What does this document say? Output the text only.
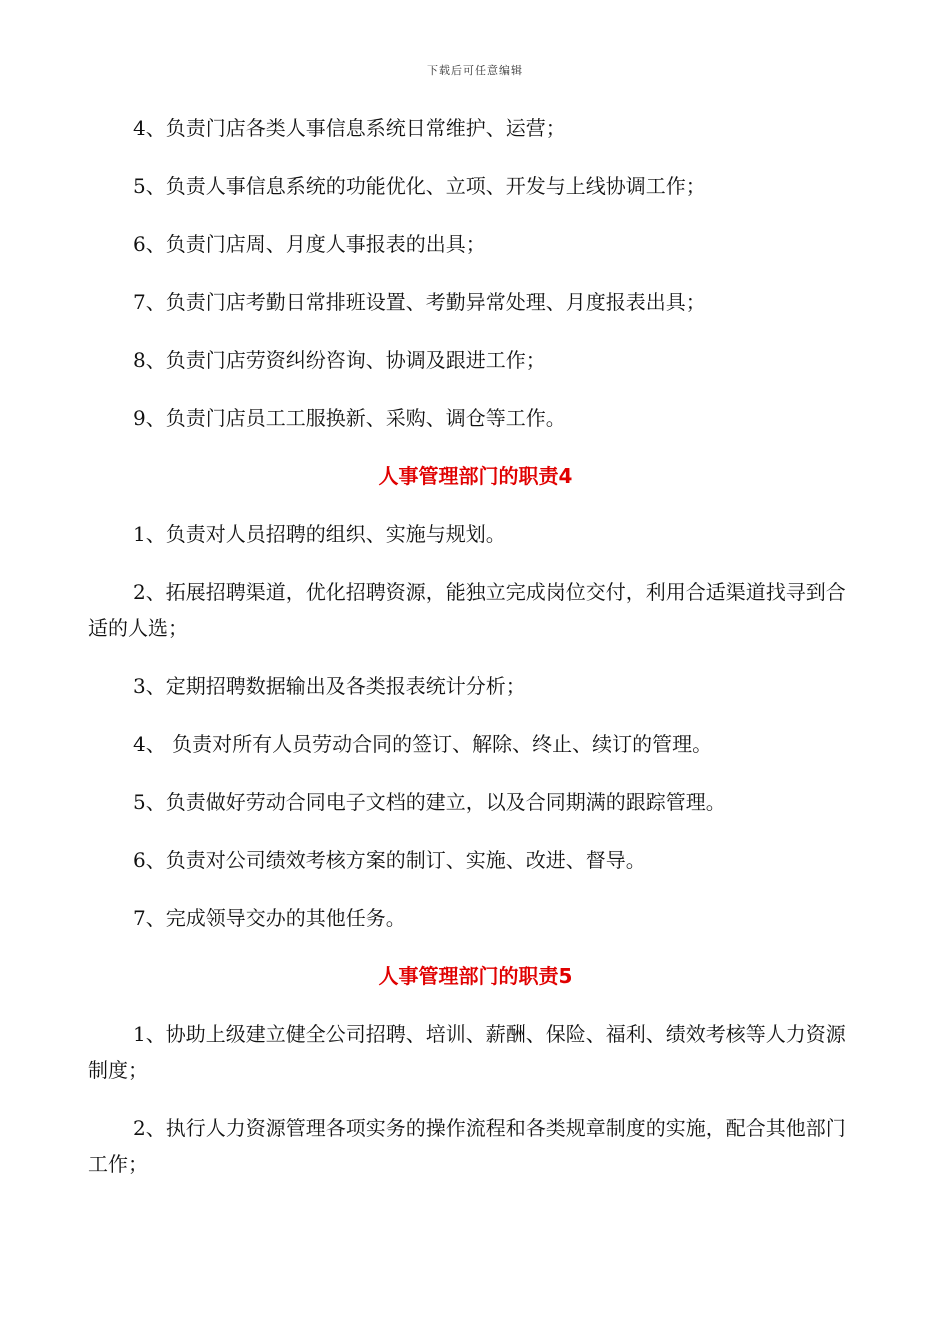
下载后可任意编辑

4、负责门店各类人事信息系统日常维护、运营；

5、负责人事信息系统的功能优化、立项、开发与上线协调工作；

6、负责门店周、月度人事报表的出具；

7、负责门店考勤日常排班设置、考勤异常处理、月度报表出具；

8、负责门店劳资纠纷咨询、协调及跟进工作；

9、负责门店员工工服换新、采购、调仓等工作。

人事管理部门的职责4

1、负责对人员招聘的组织、实施与规划。

2、拓展招聘渠道，优化招聘资源，能独立完成岗位交付，利用合适渠道找寻到合适的人选；

3、定期招聘数据输出及各类报表统计分析；

4、 负责对所有人员劳动合同的签订、解除、终止、续订的管理。

5、负责做好劳动合同电子文档的建立，以及合同期满的跟踪管理。

6、负责对公司绩效考核方案的制订、实施、改进、督导。

7、完成领导交办的其他任务。

人事管理部门的职责5

1、协助上级建立健全公司招聘、培训、薪酬、保险、福利、绩效考核等人力资源制度；

2、执行人力资源管理各项实务的操作流程和各类规章制度的实施，配合其他部门工作；
